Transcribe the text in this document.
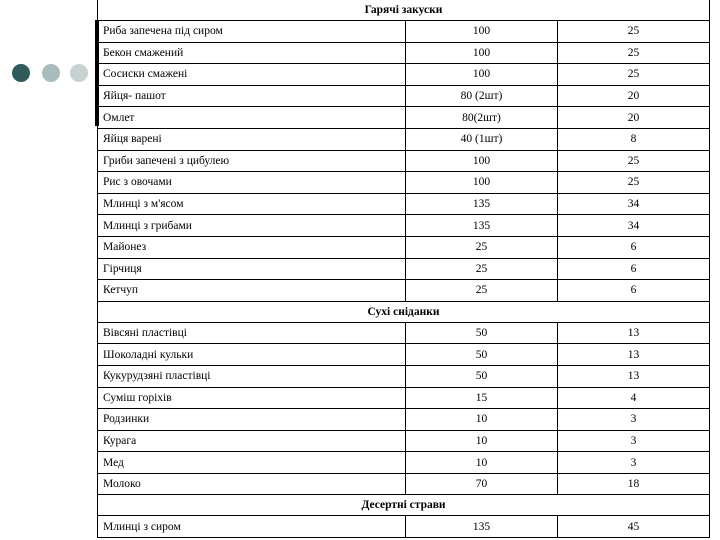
Гарячі закуски		
Риба запечена під сиром	100	25
Бекон смажений	100	25
Сосиски смажені	100	25
Яйця- пашот	80 (2шт)	20
Омлет	80(2шт)	20
Яйця варені	40 (1шт)	8
Гриби запечені з цибулею	100	25
Рис з овочами	100	25
Млинці з м'ясом	135	34
Млинці з грибами	135	34
Майонез	25	6
Гірчиця	25	6
Кетчуп	25	6
Сухі сніданки		
Вівсяні пластівці	50	13
Шоколадні кульки	50	13
Кукурудзяні пластівці	50	13
Суміш горіхів	15	4
Родзинки	10	3
Курага	10	3
Мед	10	3
Молоко	70	18
Десертні страви		
Млинці з сиром	135	45
